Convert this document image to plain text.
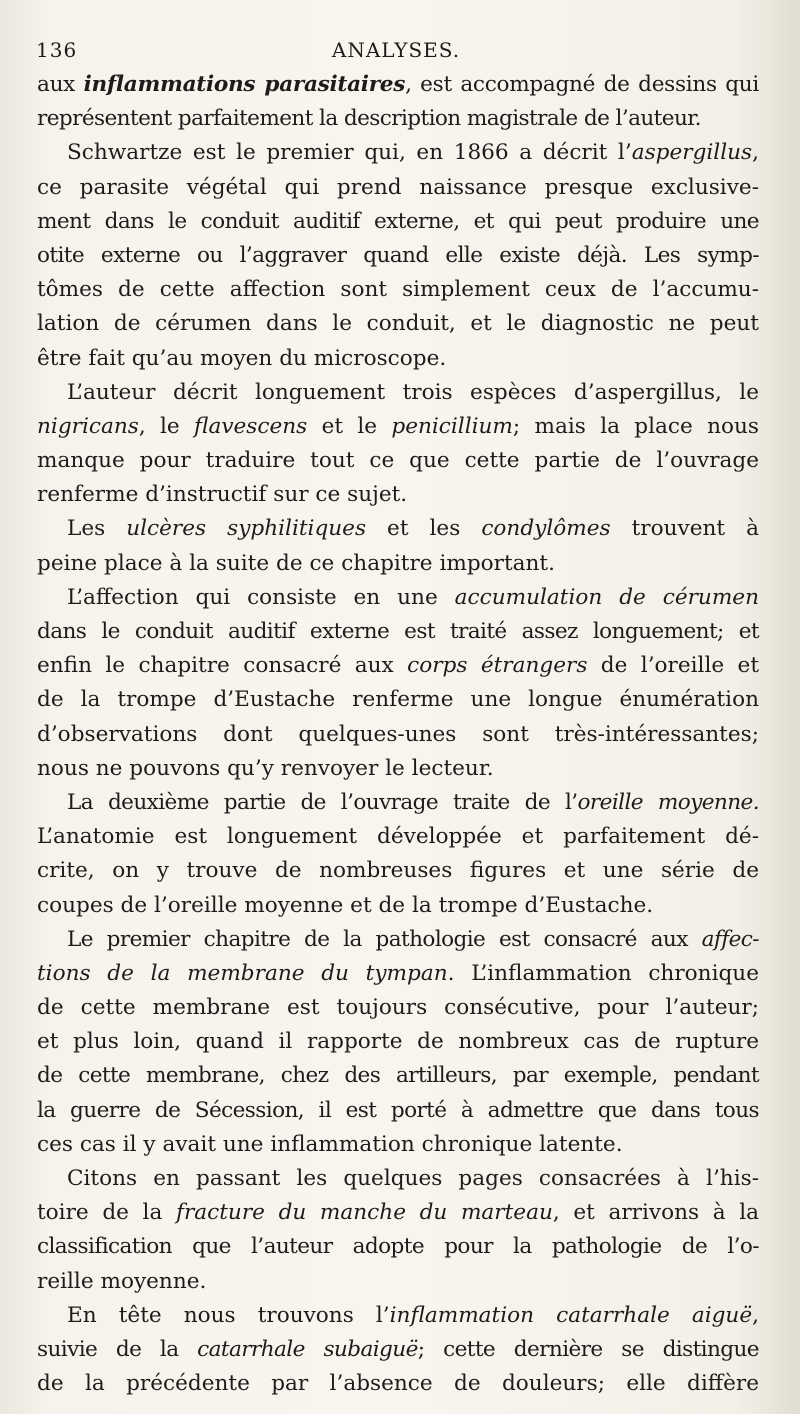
136	ANALYSES.
aux inflammations parasitaires, est accompagné de dessins qui
représentent parfaitement la description magistrale de l’auteur.
Schwartze est le premier qui, en 1866 a décrit l’aspergillus,
ce parasite végétal qui prend naissance presque exclusive-
ment dans le conduit auditif externe, et qui peut produire une
otite externe ou l’aggraver quand elle existe déjà. Les symp-
tômes de cette affection sont simplement ceux de l’accumu-
lation de cérumen dans le conduit, et le diagnostic ne peut
être fait qu’au moyen du microscope.
L’auteur décrit longuement trois espèces d’aspergillus, le
nigricans, le flavescens et le penicillium; mais la place nous
manque pour traduire tout ce que cette partie de l’ouvrage
renferme d’instructif sur ce sujet.
Les ulcères syphilitiques et les condylômes trouvent à
peine place à la suite de ce chapitre important.
L’affection qui consiste en une accumulation de cérumen
dans le conduit auditif externe est traité assez longuement; et
enfin le chapitre consacré aux corps étrangers de l’oreille et
de la trompe d’Eustache renferme une longue énumération
d’observations dont quelques-unes sont très-intéressantes;
nous ne pouvons qu’y renvoyer le lecteur.
La deuxième partie de l’ouvrage traite de l’oreille moyenne.
L’anatomie est longuement développée et parfaitement dé-
crite, on y trouve de nombreuses figures et une série de
coupes de l’oreille moyenne et de la trompe d’Eustache.
Le premier chapitre de la pathologie est consacré aux affec-
tions de la membrane du tympan. L’inflammation chronique
de cette membrane est toujours consécutive, pour l’auteur;
et plus loin, quand il rapporte de nombreux cas de rupture
de cette membrane, chez des artilleurs, par exemple, pendant
la guerre de Sécession, il est porté à admettre que dans tous
ces cas il y avait une inflammation chronique latente.
Citons en passant les quelques pages consacrées à l’his-
toire de la fracture du manche du marteau, et arrivons à la
classification que l’auteur adopte pour la pathologie de l’o-
reille moyenne.
En tête nous trouvons l’inflammation catarrhale aiguë,
suivie de la catarrhale subaiguë; cette dernière se distingue
de la précédente par l’absence de douleurs; elle diffère
